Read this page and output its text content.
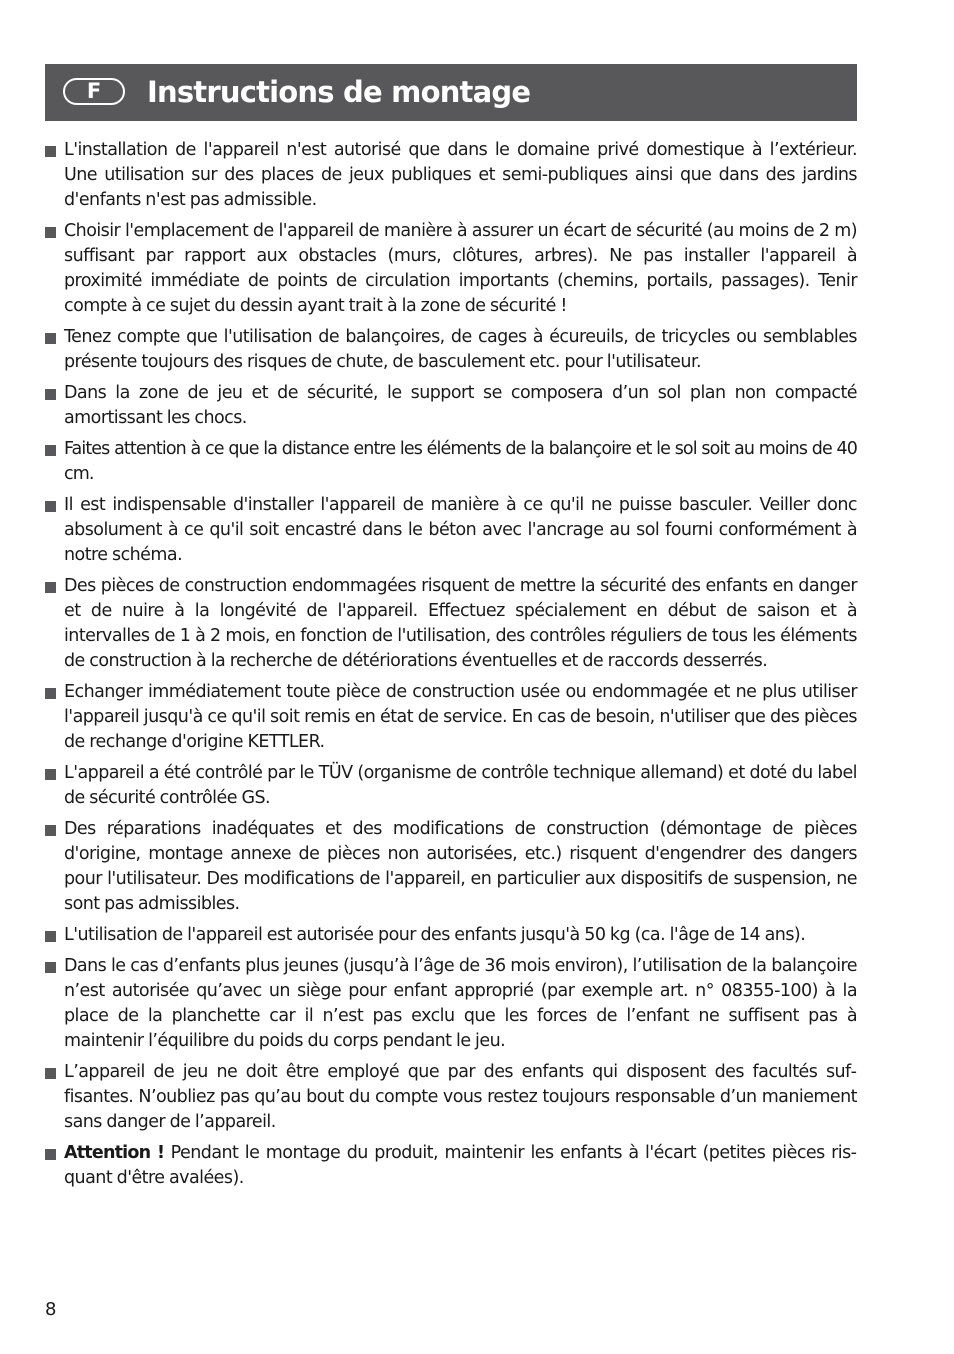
F	Instructions de montage
L'installation de l'appareil n'est autorisé que dans le domaine privé domestique à l’extérieur. Une utilisation sur des places de jeux publiques et semi-publiques ainsi que dans des jardins d'enfants n'est pas admissible.
Choisir l'emplacement de l'appareil de manière à assurer un écart de sécurité (au moins de 2 m) suffisant par rapport aux obstacles (murs, clôtures, arbres). Ne pas installer l'appareil à proximité immédiate de points de circulation importants (chemins, portails, passages). Tenir compte à ce sujet du dessin ayant trait à la zone de sécurité !
Tenez compte que l'utilisation de balançoires, de cages à écureuils, de tricycles ou semblables présente toujours des risques de chute, de basculement etc. pour l'utilisateur.
Dans la zone de jeu et de sécurité, le support se composera d’un sol plan non compacté amortissant les chocs.
Faites attention à ce que la distance entre les éléments de la balançoire et le sol soit au moins de 40 cm.
Il est indispensable d'installer l'appareil de manière à ce qu'il ne puisse basculer. Veiller donc absolument à ce qu'il soit encastré dans le béton avec l'ancrage au sol fourni conformément à notre schéma.
Des pièces de construction endommagées risquent de mettre la sécurité des enfants en danger et de nuire à la longévité de l'appareil. Effectuez spécialement en début de saison et à intervalles de 1 à 2 mois, en fonction de l'utilisation, des contrôles réguliers de tous les éléments de construction à la recherche de détériorations éventuelles et de raccords desserrés.
Echanger immédiatement toute pièce de construction usée ou endommagée et ne plus utiliser l'appareil jusqu'à ce qu'il soit remis en état de service. En cas de besoin, n'utiliser que des pièces de rechange d'origine KETTLER.
L'appareil a été contrôlé par le TÜV (organisme de contrôle technique allemand) et doté du label de sécurité contrôlée GS.
Des réparations inadéquates et des modifications de construction (démontage de pièces d'origine, montage annexe de pièces non autorisées, etc.) risquent d'engendrer des dangers pour l'utilisateur. Des modifications de l'appareil, en particulier aux dispositifs de suspension, ne sont pas admissibles.
L'utilisation de l'appareil est autorisée pour des enfants jusqu'à 50 kg (ca. l'âge de 14 ans).
Dans le cas d’enfants plus jeunes (jusqu’à l’âge de 36 mois environ), l’utilisation de la balançoire n’est autorisée qu’avec un siège pour enfant approprié (par exemple art. n° 08355-100) à la place de la planchette car il n’est pas exclu que les forces de l’enfant ne suffisent pas à maintenir l’équilibre du poids du corps pendant le jeu.
L’appareil de jeu ne doit être employé que par des enfants qui disposent des facultés suffisantes. N’oubliez pas qu’au bout du compte vous restez toujours responsable d’un maniement sans danger de l’appareil.
Attention ! Pendant le montage du produit, maintenir les enfants à l'écart (petites pièces risquant d'être avalées).
8
